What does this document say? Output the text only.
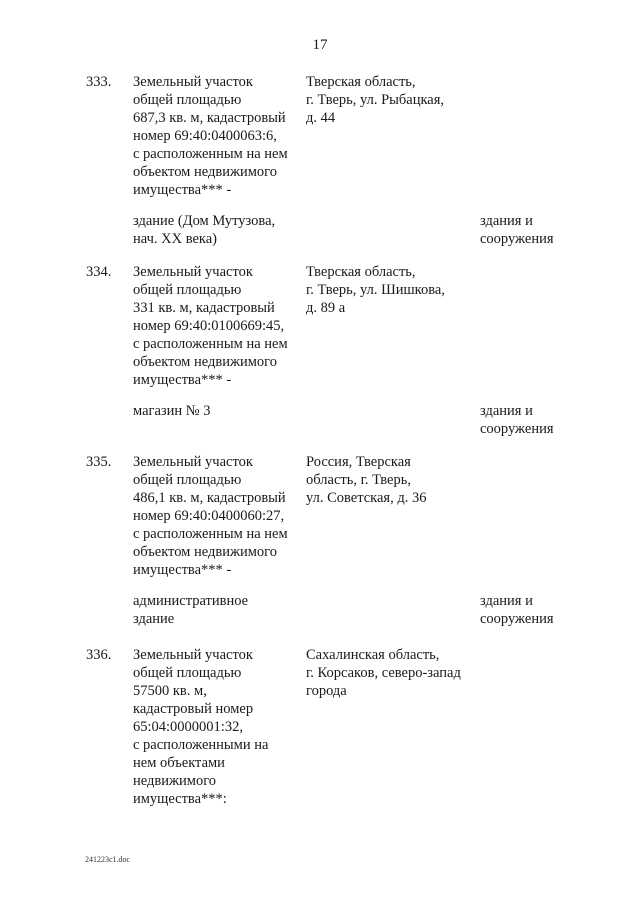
17
333. Земельный участок
общей площадью
687,3 кв. м, кадастровый
номер 69:40:0400063:6,
с расположенным на нем
объектом недвижимого
имущества*** -
Тверская область,
г. Тверь, ул. Рыбацкая,
д. 44
здание (Дом Мутузова,
нач. XX века)
здания и
сооружения
334. Земельный участок
общей площадью
331 кв. м, кадастровый
номер 69:40:0100669:45,
с расположенным на нем
объектом недвижимого
имущества*** -
Тверская область,
г. Тверь, ул. Шишкова,
д. 89 а
магазин № 3	здания и
сооружения
335. Земельный участок
общей площадью
486,1 кв. м, кадастровый
номер 69:40:0400060:27,
с расположенным на нем
объектом недвижимого
имущества*** -
Россия, Тверская
область, г. Тверь,
ул. Советская, д. 36
административное
здание
здания и
сооружения
336. Земельный участок
общей площадью
57500 кв. м,
кадастровый номер
65:04:0000001:32,
с расположенными на
нем объектами
недвижимого
имущества***:
Сахалинская область,
г. Корсаков, северо-запад
города
241223c1.doc
